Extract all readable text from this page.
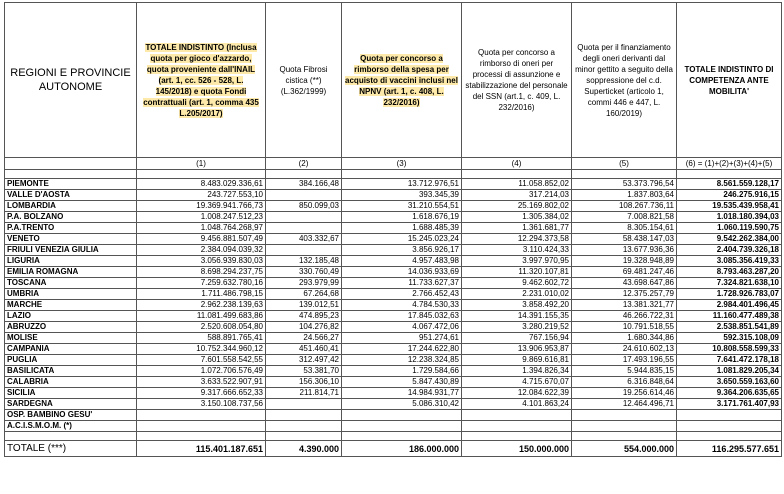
REGIONI E PROVINCIE AUTONOME	TOTALE INDISTINTO (Inclusa quota per gioco d'azzardo, quota proveniente dall'INAIL (art. 1, cc. 526 - 528, L. 145/2018) e quota Fondi contrattuali (art. 1, comma 435 L.205/2017)	Quota Fibrosi cistica (**) (L.362/1999)	Quota per concorso a rimborso della spesa per acquisto di vaccini inclusi nel NPNV (art. 1, c. 408, L. 232/2016)	Quota per concorso a rimborso di oneri per processi di assunzione e stabilizzazione del personale del SSN (art.1, c. 409, L. 232/2016)	Quota per il finanziamento degli oneri derivanti dal minor gettito a seguito della soppressione del c.d. Superticket (articolo 1, commi 446 e 447, L. 160/2019)	TOTALE INDISTINTO DI COMPETENZA ANTE MOBILITA'
	(1)	(2)	(3)	(4)	(5)	(6) = (1)+(2)+(3)+(4)+(5)

PIEMONTE	8.483.029.336,61	384.166,48	13.712.976,51	11.058.852,02	53.373.796,54	8.561.559.128,17
VALLE D'AOSTA	243.727.553,10		393.345,39	317.214,03	1.837.803,64	246.275.916,15
LOMBARDIA	19.369.941.766,73	850.099,03	31.210.554,51	25.169.802,02	108.267.736,11	19.535.439.958,41
P.A. BOLZANO	1.008.247.512,23		1.618.676,19	1.305.384,02	7.008.821,58	1.018.180.394,03
P.A.TRENTO	1.048.764.268,97		1.688.485,39	1.361.681,77	8.305.154,61	1.060.119.590,75
VENETO	9.456.881.507,49	403.332,67	15.245.023,24	12.294.373,58	58.438.147,03	9.542.262.384,00
FRIULI VENEZIA GIULIA	2.384.094.039,32		3.856.926,17	3.110.424,33	13.677.936,36	2.404.739.326,18
LIGURIA	3.056.939.830,03	132.185,48	4.957.483,98	3.997.970,95	19.328.948,89	3.085.356.419,33
EMILIA ROMAGNA	8.698.294.237,75	330.760,49	14.036.933,69	11.320.107,81	69.481.247,46	8.793.463.287,20
TOSCANA	7.259.632.780,16	293.979,99	11.733.627,37	9.462.602,72	43.698.647,86	7.324.821.638,10
UMBRIA	1.711.486.798,15	67.264,68	2.766.452,43	2.231.010,02	12.375.257,79	1.728.926.783,07
MARCHE	2.962.238.139,63	139.012,51	4.784.530,33	3.858.492,20	13.381.321,77	2.984.401.496,45
LAZIO	11.081.499.683,86	474.895,23	17.845.032,63	14.391.155,35	46.266.722,31	11.160.477.489,38
ABRUZZO	2.520.608.054,80	104.276,82	4.067.472,06	3.280.219,52	10.791.518,55	2.538.851.541,89
MOLISE	588.891.765,41	24.566,27	951.274,61	767.156,94	1.680.344,86	592.315.108,09
CAMPANIA	10.752.344.960,12	451.460,41	17.244.622,80	13.906.953,87	24.610.602,13	10.808.558.599,33
PUGLIA	7.601.558.542,55	312.497,42	12.238.324,85	9.869.616,81	17.493.196,55	7.641.472.178,18
BASILICATA	1.072.706.576,49	53.381,70	1.729.584,66	1.394.826,34	5.944.835,15	1.081.829.205,34
CALABRIA	3.633.522.907,91	156.306,10	5.847.430,89	4.715.670,07	6.316.848,64	3.650.559.163,60
SICILIA	9.317.666.652,33	211.814,71	14.984.931,77	12.084.622,39	19.256.614,46	9.364.206.635,65
SARDEGNA	3.150.108.737,56		5.086.310,42	4.101.863,24	12.464.496,71	3.171.761.407,93
OSP. BAMBINO GESU'						
A.C.I.S.M.O.M. (*)						

TOTALE (***)	115.401.187.651	4.390.000	186.000.000	150.000.000	554.000.000	116.295.577.651
